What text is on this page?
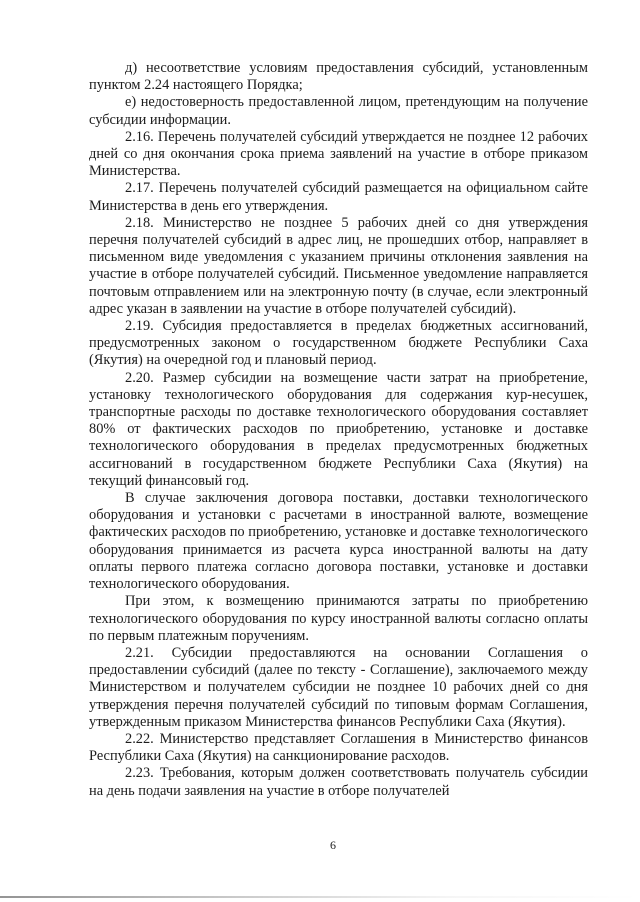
д) несоответствие условиям предоставления субсидий, установленным пунктом 2.24 настоящего Порядка;

е) недостоверность предоставленной лицом, претендующим на получение субсидии информации.

2.16. Перечень получателей субсидий утверждается не позднее 12 рабочих дней со дня окончания срока приема заявлений на участие в отборе приказом Министерства.

2.17. Перечень получателей субсидий размещается на официальном сайте Министерства в день его утверждения.

2.18. Министерство не позднее 5 рабочих дней со дня утверждения перечня получателей субсидий в адрес лиц, не прошедших отбор, направляет в письменном виде уведомления с указанием причины отклонения заявления на участие в отборе получателей субсидий. Письменное уведомление направляется почтовым отправлением или на электронную почту (в случае, если электронный адрес указан в заявлении на участие в отборе получателей субсидий).

2.19. Субсидия предоставляется в пределах бюджетных ассигнований, предусмотренных законом о государственном бюджете Республики Саха (Якутия) на очередной год и плановый период.

2.20. Размер субсидии на возмещение части затрат на приобретение, установку технологического оборудования для содержания кур-несушек, транспортные расходы по доставке технологического оборудования составляет 80% от фактических расходов по приобретению, установке и доставке технологического оборудования в пределах предусмотренных бюджетных ассигнований в государственном бюджете Республики Саха (Якутия) на текущий финансовый год.

В случае заключения договора поставки, доставки технологического оборудования и установки с расчетами в иностранной валюте, возмещение фактических расходов по приобретению, установке и доставке технологического оборудования принимается из расчета курса иностранной валюты на дату оплаты первого платежа согласно договора поставки, установке и доставки технологического оборудования.

При этом, к возмещению принимаются затраты по приобретению технологического оборудования по курсу иностранной валюты согласно оплаты по первым платежным поручениям.

2.21. Субсидии предоставляются на основании Соглашения о предоставлении субсидий (далее по тексту - Соглашение), заключаемого между Министерством и получателем субсидии не позднее 10 рабочих дней со дня утверждения перечня получателей субсидий по типовым формам Соглашения, утвержденным приказом Министерства финансов Республики Саха (Якутия).

2.22. Министерство представляет Соглашения в Министерство финансов Республики Саха (Якутия) на санкционирование расходов.

2.23. Требования, которым должен соответствовать получатель субсидии на день подачи заявления на участие в отборе получателей

6
